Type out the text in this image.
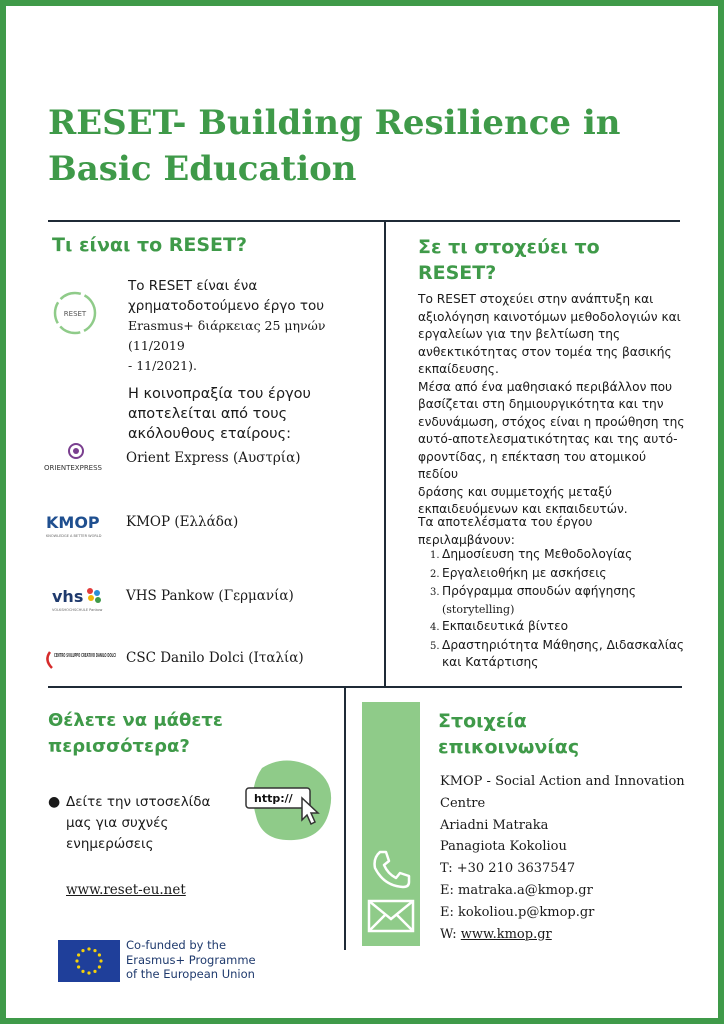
RESET- Building Resilience in
Basic Education
Τι είναι το RESET?
RESET

Το RESET είναι ένα
χρηματοδοτούμενο έργο του
Erasmus+ διάρκειας 25 μηνών (11/2019
- 11/2021).

Η κοινοπραξία του έργου
αποτελείται από τους
ακόλουθους εταίρους:

ORIENTEXPRESS
Orient Express (Αυστρία)
KMOP
KNOWLEDGE A BETTER WORLD
KMOP (Ελλάδα)
vhs
VOLKSHOCHSCHULE Pankow
VHS Pankow (Γερμανία)
CENTRO SVILUPPO CREATIVO DANILO DOLCI CSC Danilo Dolci (Ιταλία)
Σε τι στοχεύει το
RESET?

Το RESET στοχεύει στην ανάπτυξη και

αξιολόγηση καινοτόμων μεθοδολογιών και

εργαλείων για την βελτίωση της

ανθεκτικότητας στον τομέα της βασικής

εκπαίδευσης.

Μέσα από ένα μαθησιακό περιβάλλον που

βασίζεται στη δημιουργικότητα και την

ενδυνάμωση, στόχος είναι η προώθηση της

αυτό-αποτελεσματικότητας και της αυτό-

φροντίδας, η επέκταση του ατομικού πεδίου

δράσης και συμμετοχής μεταξύ

εκπαιδευόμενων και εκπαιδευτών.

Τα αποτελέσματα του έργου περιλαμβάνουν:
1. Δημοσίευση της Μεθοδολογίας
2. Εργαλειοθήκη με ασκήσεις
3. Πρόγραμμα σπουδών αφήγησης
(storytelling)
4. Εκπαιδευτικά βίντεο
5. Δραστηριότητα Μάθησης, Διδασκαλίας
και Κατάρτισης
Θέλετε να μάθετε
περισσότερα?
● Δείτε την ιστοσελίδα
μας για συχνές
ενημερώσεις
http://
www.reset-eu.net
Co-funded by the
Erasmus+ Programme
of the European Union
Στοιχεία
επικοινωνίας
KMOP - Social Action and Innovation
Centre
Ariadni Matraka
Panagiota Kokoliou
T: +30 210 3637547
E: matraka.a@kmop.gr
E: kokoliou.p@kmop.gr
W: www.kmop.gr
